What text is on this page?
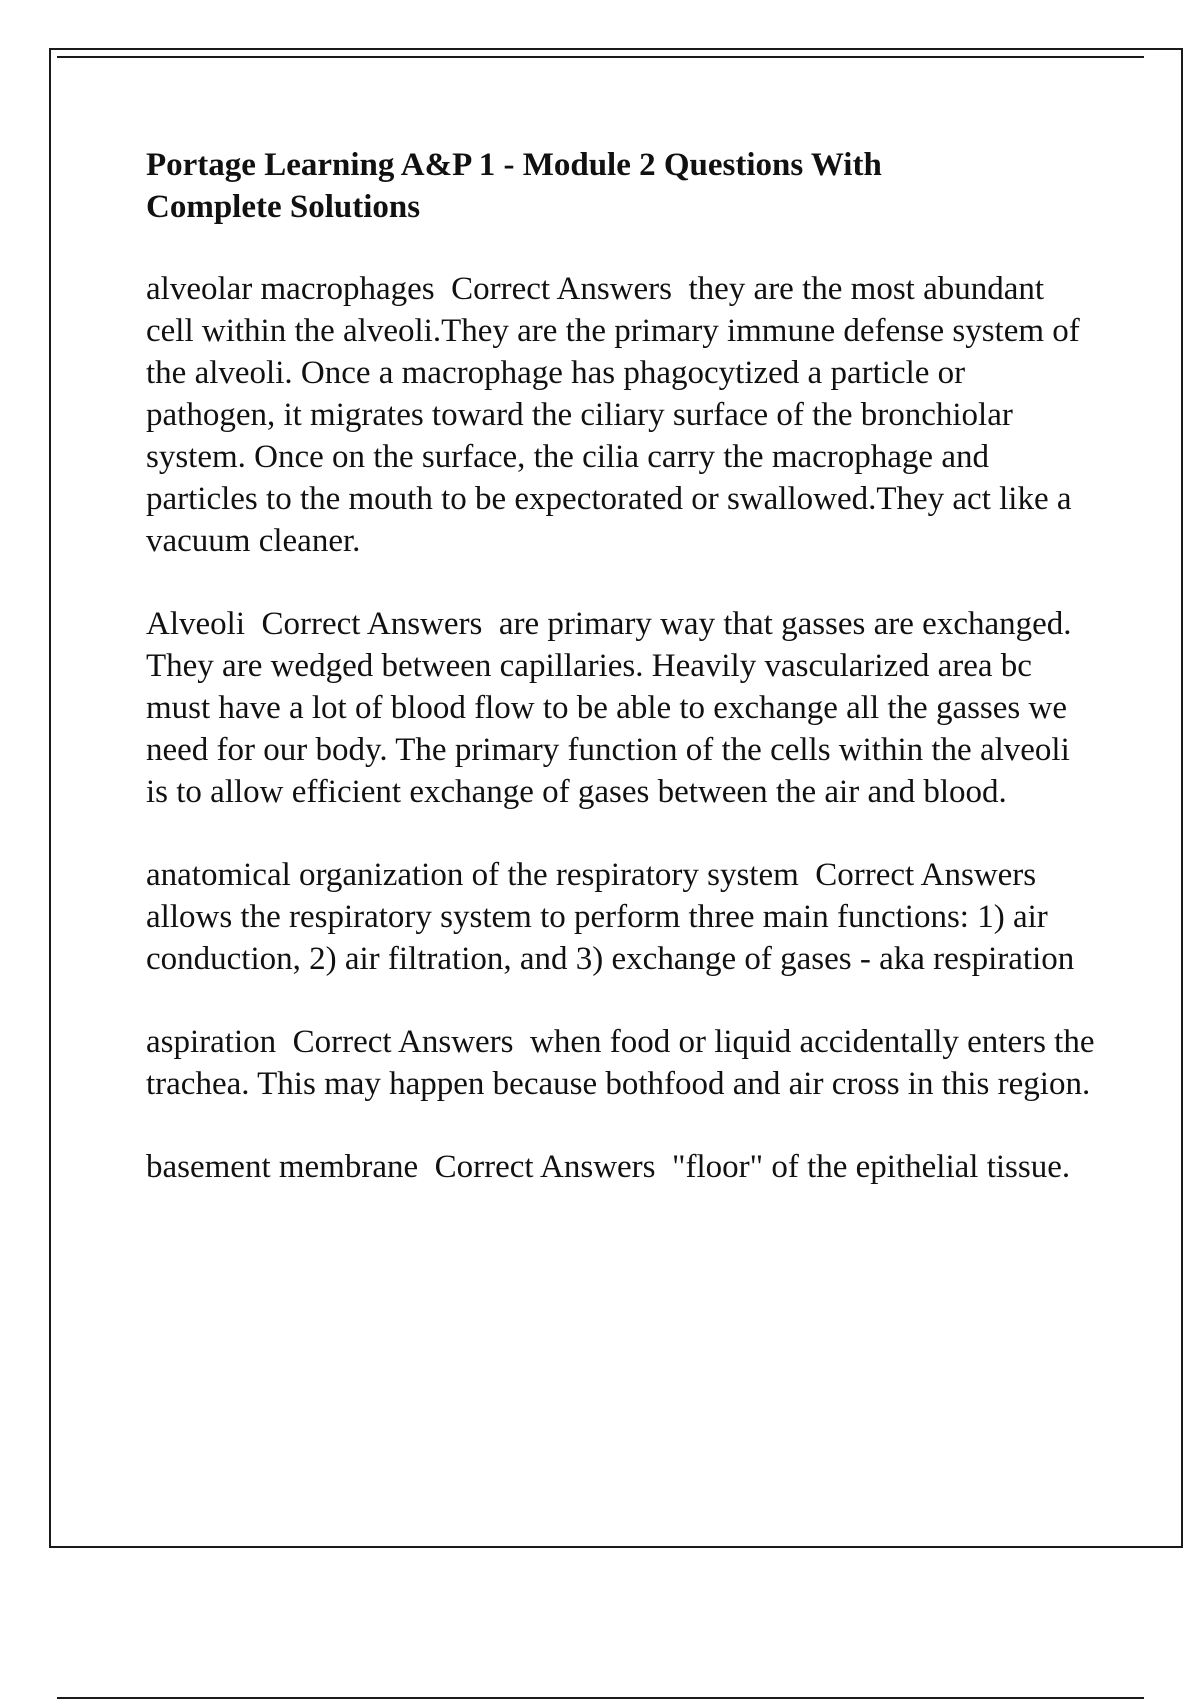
Portage Learning A&P 1 - Module 2 Questions With
Complete Solutions
alveolar macrophages Correct Answers they are the most abundant cell within the alveoli.They are the primary immune defense system of the alveoli. Once a macrophage has phagocytized a particle or pathogen, it migrates toward the ciliary surface of the bronchiolar system. Once on the surface, the cilia carry the macrophage and particles to the mouth to be expectorated or swallowed.They act like a vacuum cleaner.
Alveoli Correct Answers are primary way that gasses are exchanged. They are wedged between capillaries. Heavily vascularized area bc must have a lot of blood flow to be able to exchange all the gasses we need for our body. The primary function of the cells within the alveoli is to allow efficient exchange of gases between the air and blood.
anatomical organization of the respiratory system Correct Answers  allows the respiratory system to perform three main functions: 1) air conduction, 2) air filtration, and 3) exchange of gases - aka respiration
aspiration Correct Answers when food or liquid accidentally enters the trachea. This may happen because bothfood and air cross in this region.
basement membrane Correct Answers "floor" of the epithelial tissue.
